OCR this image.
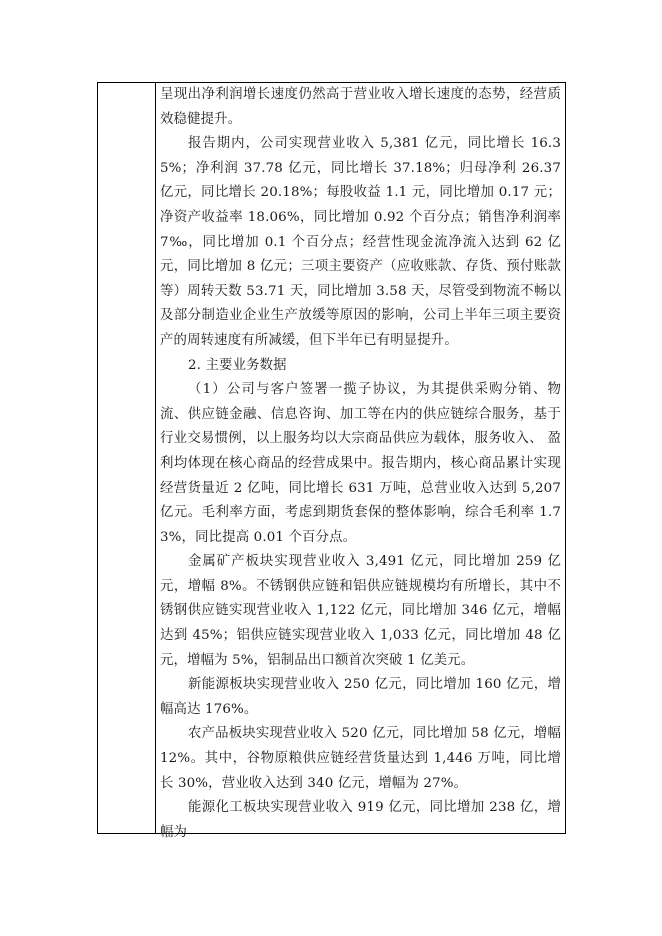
呈现出净利润增长速度仍然高于营业收入增长速度的态势，经营质效稳健提升。

报告期内，公司实现营业收入 5,381 亿元，同比增长 16.35%；净利润 37.78 亿元，同比增长 37.18%；归母净利 26.37 亿元，同比增长 20.18%；每股收益 1.1 元，同比增加 0.17 元；净资产收益率 18.06%，同比增加 0.92 个百分点；销售净利润率 7‰，同比增加 0.1 个百分点；经营性现金流净流入达到 62 亿元，同比增加 8 亿元；三项主要资产（应收账款、存货、预付账款等）周转天数 53.71 天，同比增加 3.58 天，尽管受到物流不畅以及部分制造业企业生产放缓等原因的影响，公司上半年三项主要资产的周转速度有所减缓，但下半年已有明显提升。

2. 主要业务数据

（1）公司与客户签署一揽子协议，为其提供采购分销、物流、供应链金融、信息咨询、加工等在内的供应链综合服务，基于行业交易惯例，以上服务均以大宗商品供应为载体，服务收入、 盈利均体现在核心商品的经营成果中。报告期内，核心商品累计实现经营货量近 2 亿吨，同比增长 631 万吨，总营业收入达到 5,207 亿元。毛利率方面，考虑到期货套保的整体影响，综合毛利率 1.73%，同比提高 0.01 个百分点。

金属矿产板块实现营业收入 3,491 亿元，同比增加 259 亿元，增幅 8%。不锈钢供应链和铝供应链规模均有所增长，其中不锈钢供应链实现营业收入 1,122 亿元，同比增加 346 亿元，增幅达到 45%；铝供应链实现营业收入 1,033 亿元，同比增加 48 亿元，增幅为 5%，铝制品出口额首次突破 1 亿美元。

新能源板块实现营业收入 250 亿元，同比增加 160 亿元，增幅高达 176%。

农产品板块实现营业收入 520 亿元，同比增加 58 亿元，增幅 12%。其中，谷物原粮供应链经营货量达到 1,446 万吨，同比增长 30%，营业收入达到 340 亿元，增幅为 27%。

能源化工板块实现营业收入 919 亿元，同比增加 238 亿，增幅为
